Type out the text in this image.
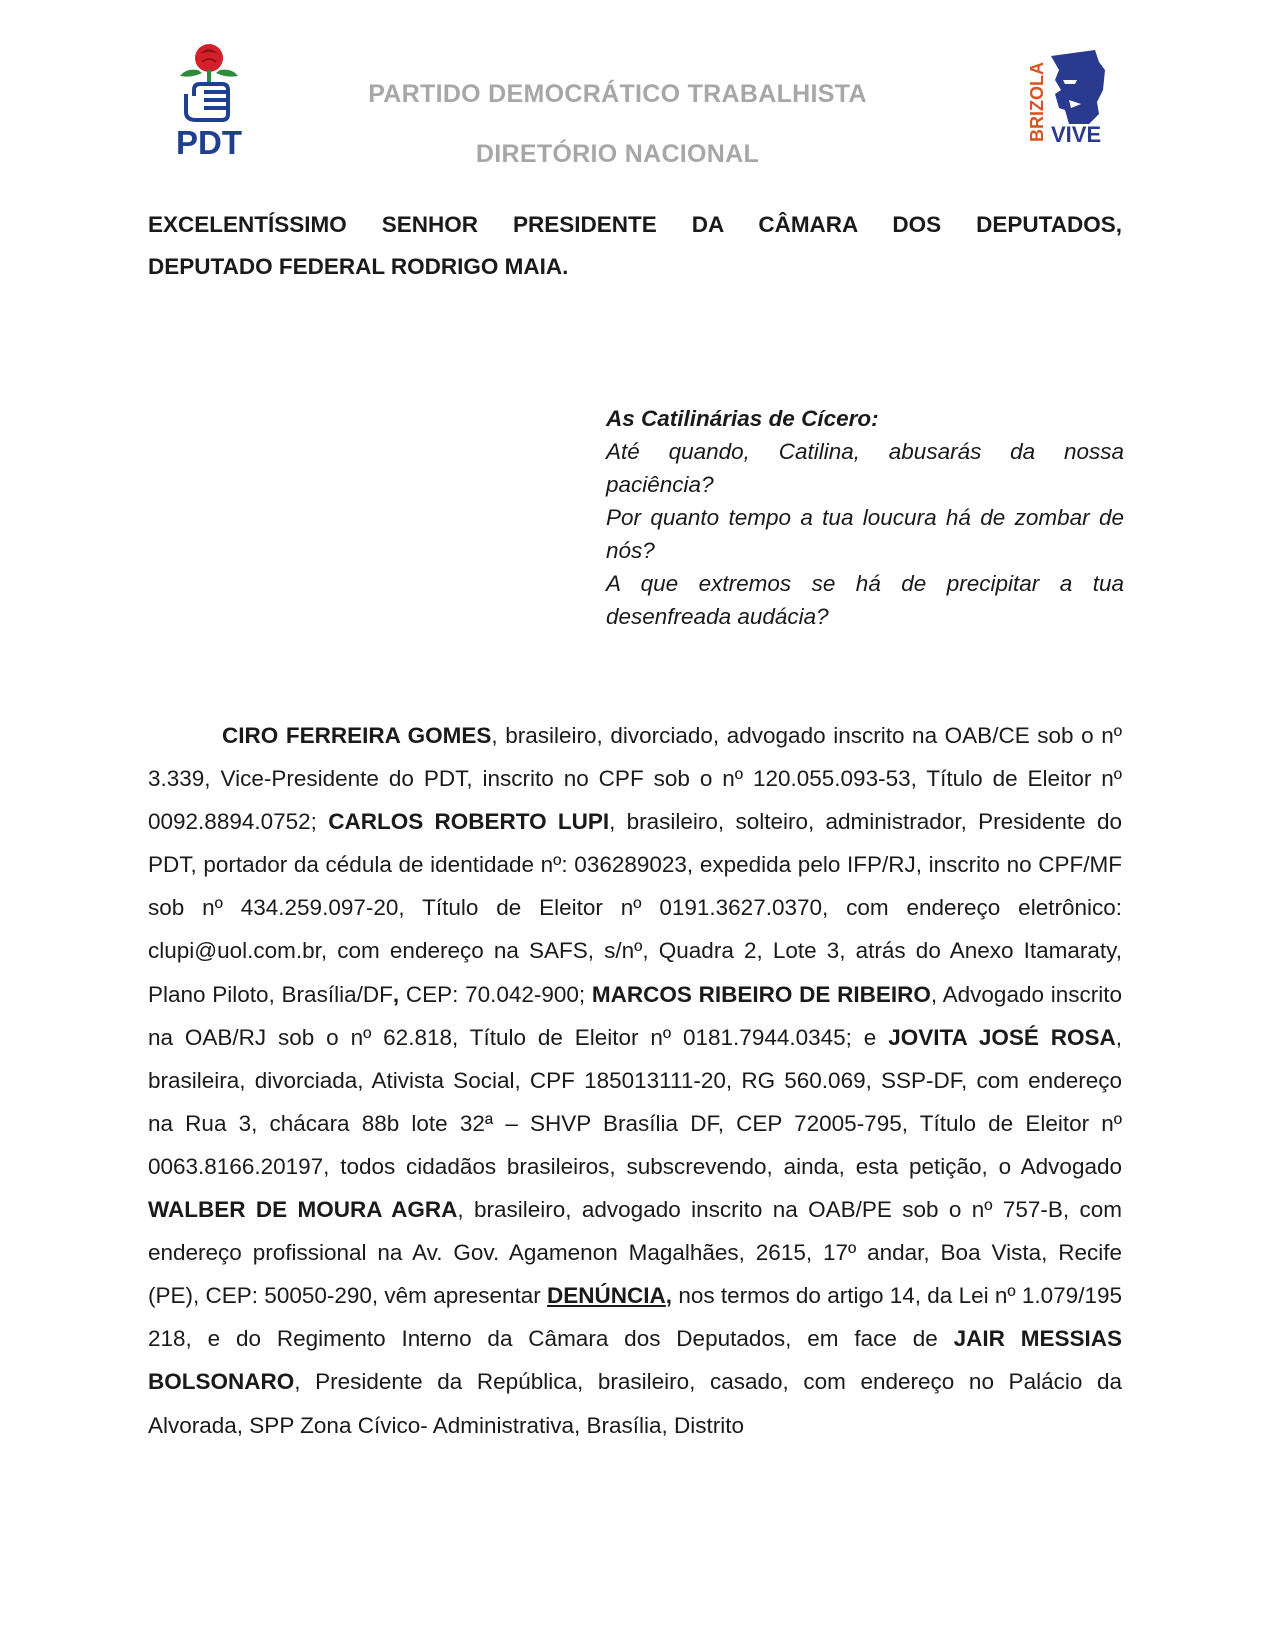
PDT
BRIZOLA VIVE
PARTIDO DEMOCRÁTICO TRABALHISTA
DIRETÓRIO NACIONAL
EXCELENTÍSSIMO SENHOR PRESIDENTE DA CÂMARA DOS DEPUTADOS,
DEPUTADO FEDERAL RODRIGO MAIA.
As Catilinárias de Cícero:
Até quando, Catilina, abusarás da nossa paciência?
Por quanto tempo a tua loucura há de zombar de nós?
A que extremos se há de precipitar a tua desenfreada audácia?
CIRO FERREIRA GOMES, brasileiro, divorciado, advogado inscrito na OAB/CE sob o nº 3.339, Vice-Presidente do PDT, inscrito no CPF sob o nº 120.055.093-53, Título de Eleitor nº 0092.8894.0752; CARLOS ROBERTO LUPI, brasileiro, solteiro, administrador, Presidente do PDT, portador da cédula de identidade nº: 036289023, expedida pelo IFP/RJ, inscrito no CPF/MF sob nº 434.259.097-20, Título de Eleitor nº 0191.3627.0370, com endereço eletrônico: clupi@uol.com.br, com endereço na SAFS, s/nº, Quadra 2, Lote 3, atrás do Anexo Itamaraty, Plano Piloto, Brasília/DF, CEP: 70.042-900; MARCOS RIBEIRO DE RIBEIRO, Advogado inscrito na OAB/RJ sob o nº 62.818, Título de Eleitor nº 0181.7944.0345; e JOVITA JOSÉ ROSA, brasileira, divorciada, Ativista Social, CPF 185013111-20, RG 560.069, SSP-DF, com endereço na Rua 3, chácara 88b lote 32ª – SHVP Brasília DF, CEP 72005-795, Título de Eleitor nº 0063.8166.20197, todos cidadãos brasileiros, subscrevendo, ainda, esta petição, o Advogado WALBER DE MOURA AGRA, brasileiro, advogado inscrito na OAB/PE sob o nº 757-B, com endereço profissional na Av. Gov. Agamenon Magalhães, 2615, 17º andar, Boa Vista, Recife (PE), CEP: 50050-290, vêm apresentar DENÚNCIA, nos termos do artigo 14, da Lei nº 1.079/195 218, e do Regimento Interno da Câmara dos Deputados, em face de JAIR MESSIAS BOLSONARO, Presidente da República, brasileiro, casado, com endereço no Palácio da Alvorada, SPP Zona Cívico- Administrativa, Brasília, Distrito
